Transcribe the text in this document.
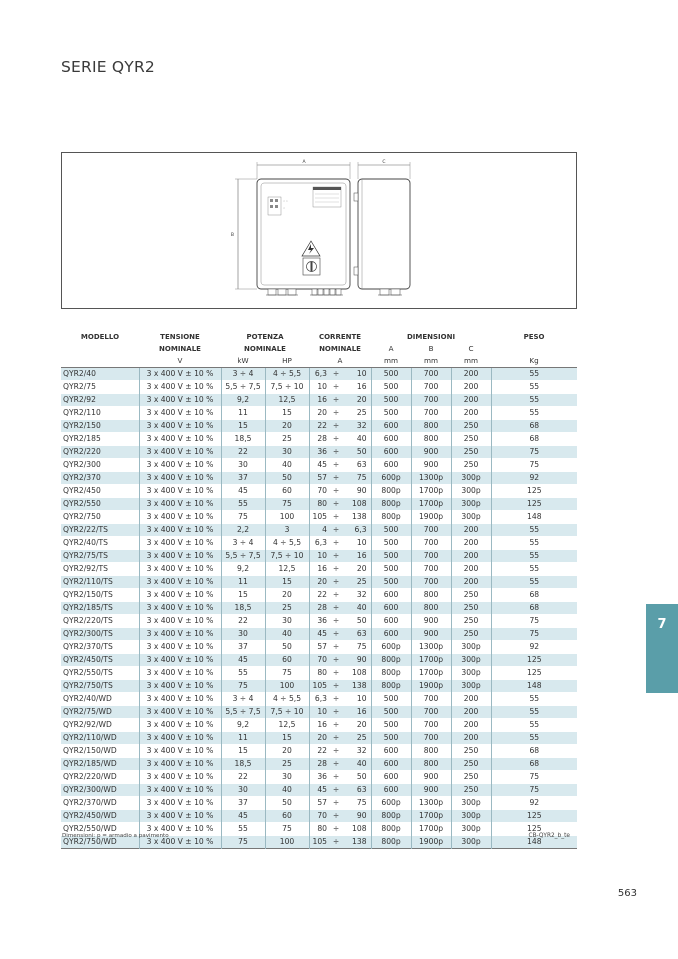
SERIE QYR2
A	C
B
⚬ ⚬
⚬
MODELLO	TENSIONE	POTENZA		CORRENTE			DIMENSIONI			PESO
	NOMINALE	NOMINALE		NOMINALE			A	B	C	
	V	kW	HP	A			mm	mm	mm	Kg
QYR2/40	3 x 400 V ± 10 %	3 ÷ 4	4 ÷ 5,5	6,3	÷	10	500	700	200	55
QYR2/75	3 x 400 V ± 10 %	5,5 ÷ 7,5	7,5 ÷ 10	10	÷	16	500	700	200	55
QYR2/92	3 x 400 V ± 10 %	9,2	12,5	16	÷	20	500	700	200	55
QYR2/110	3 x 400 V ± 10 %	11	15	20	÷	25	500	700	200	55
QYR2/150	3 x 400 V ± 10 %	15	20	22	÷	32	600	800	250	68
QYR2/185	3 x 400 V ± 10 %	18,5	25	28	÷	40	600	800	250	68
QYR2/220	3 x 400 V ± 10 %	22	30	36	÷	50	600	900	250	75
QYR2/300	3 x 400 V ± 10 %	30	40	45	÷	63	600	900	250	75
QYR2/370	3 x 400 V ± 10 %	37	50	57	÷	75	600p	1300p	300p	92
QYR2/450	3 x 400 V ± 10 %	45	60	70	÷	90	800p	1700p	300p	125
QYR2/550	3 x 400 V ± 10 %	55	75	80	÷	108	800p	1700p	300p	125
QYR2/750	3 x 400 V ± 10 %	75	100	105	÷	138	800p	1900p	300p	148
QYR2/22/TS	3 x 400 V ± 10 %	2,2	3	4	÷	6,3	500	700	200	55
QYR2/40/TS	3 x 400 V ± 10 %	3 ÷ 4	4 ÷ 5,5	6,3	÷	10	500	700	200	55
QYR2/75/TS	3 x 400 V ± 10 %	5,5 ÷ 7,5	7,5 ÷ 10	10	÷	16	500	700	200	55
QYR2/92/TS	3 x 400 V ± 10 %	9,2	12,5	16	÷	20	500	700	200	55
QYR2/110/TS	3 x 400 V ± 10 %	11	15	20	÷	25	500	700	200	55
QYR2/150/TS	3 x 400 V ± 10 %	15	20	22	÷	32	600	800	250	68
QYR2/185/TS	3 x 400 V ± 10 %	18,5	25	28	÷	40	600	800	250	68
QYR2/220/TS	3 x 400 V ± 10 %	22	30	36	÷	50	600	900	250	75
QYR2/300/TS	3 x 400 V ± 10 %	30	40	45	÷	63	600	900	250	75
QYR2/370/TS	3 x 400 V ± 10 %	37	50	57	÷	75	600p	1300p	300p	92
QYR2/450/TS	3 x 400 V ± 10 %	45	60	70	÷	90	800p	1700p	300p	125
QYR2/550/TS	3 x 400 V ± 10 %	55	75	80	÷	108	800p	1700p	300p	125
QYR2/750/TS	3 x 400 V ± 10 %	75	100	105	÷	138	800p	1900p	300p	148
QYR2/40/WD	3 x 400 V ± 10 %	3 ÷ 4	4 ÷ 5,5	6,3	÷	10	500	700	200	55
QYR2/75/WD	3 x 400 V ± 10 %	5,5 ÷ 7,5	7,5 ÷ 10	10	÷	16	500	700	200	55
QYR2/92/WD	3 x 400 V ± 10 %	9,2	12,5	16	÷	20	500	700	200	55
QYR2/110/WD	3 x 400 V ± 10 %	11	15	20	÷	25	500	700	200	55
QYR2/150/WD	3 x 400 V ± 10 %	15	20	22	÷	32	600	800	250	68
QYR2/185/WD	3 x 400 V ± 10 %	18,5	25	28	÷	40	600	800	250	68
QYR2/220/WD	3 x 400 V ± 10 %	22	30	36	÷	50	600	900	250	75
QYR2/300/WD	3 x 400 V ± 10 %	30	40	45	÷	63	600	900	250	75
QYR2/370/WD	3 x 400 V ± 10 %	37	50	57	÷	75	600p	1300p	300p	92
QYR2/450/WD	3 x 400 V ± 10 %	45	60	70	÷	90	800p	1700p	300p	125
QYR2/550/WD	3 x 400 V ± 10 %	55	75	80	÷	108	800p	1700p	300p	125
QYR2/750/WD	3 x 400 V ± 10 %	75	100	105	÷	138	800p	1900p	300p	148
Dimensioni: p = armadio a pavimento	CB-QYR2_b_te
7
563
